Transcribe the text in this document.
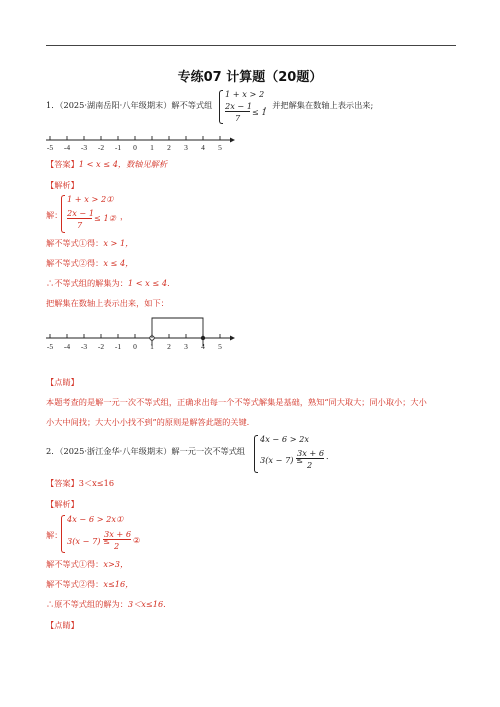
专练07 计算题（20题）
1．（2025·湖南岳阳·八年级期末）解不等式组
1 + x > 2
2x − 1
7
≤ 1
，并把解集在数轴上表示出来;
-5 -4 -3 -2 -1 0 1 2 3 4 5
【答案】1 < x ≤ 4，数轴见解析
【解析】
解：
1 + x > 2①
2x − 1
7
≤ 1② ，
解不等式①得：x > 1，
解不等式②得：x ≤ 4，
∴不等式组的解集为：1 < x ≤ 4．
把解集在数轴上表示出来，如下：
-5 -4 -3 -2 -1 0 1 2 3 4 5
【点睛】
本题考查的是解一元一次不等式组，正确求出每一个不等式解集是基础，熟知“同大取大；同小取小；大小
小大中间找；大大小小找不到”的原则是解答此题的关键.
2．（2025·浙江金华·八年级期末）解一元一次不等式组
4x − 6 > 2x
3(x − 7) ≤
3x + 6
2
．
【答案】3＜x≤16
【解析】
解：
4x − 6 > 2x①
3(x − 7) ≤
3x + 6
2
②
解不等式①得：x>3，
解不等式②得：x≤16，
∴原不等式组的解为：3＜x≤16.
【点睛】
